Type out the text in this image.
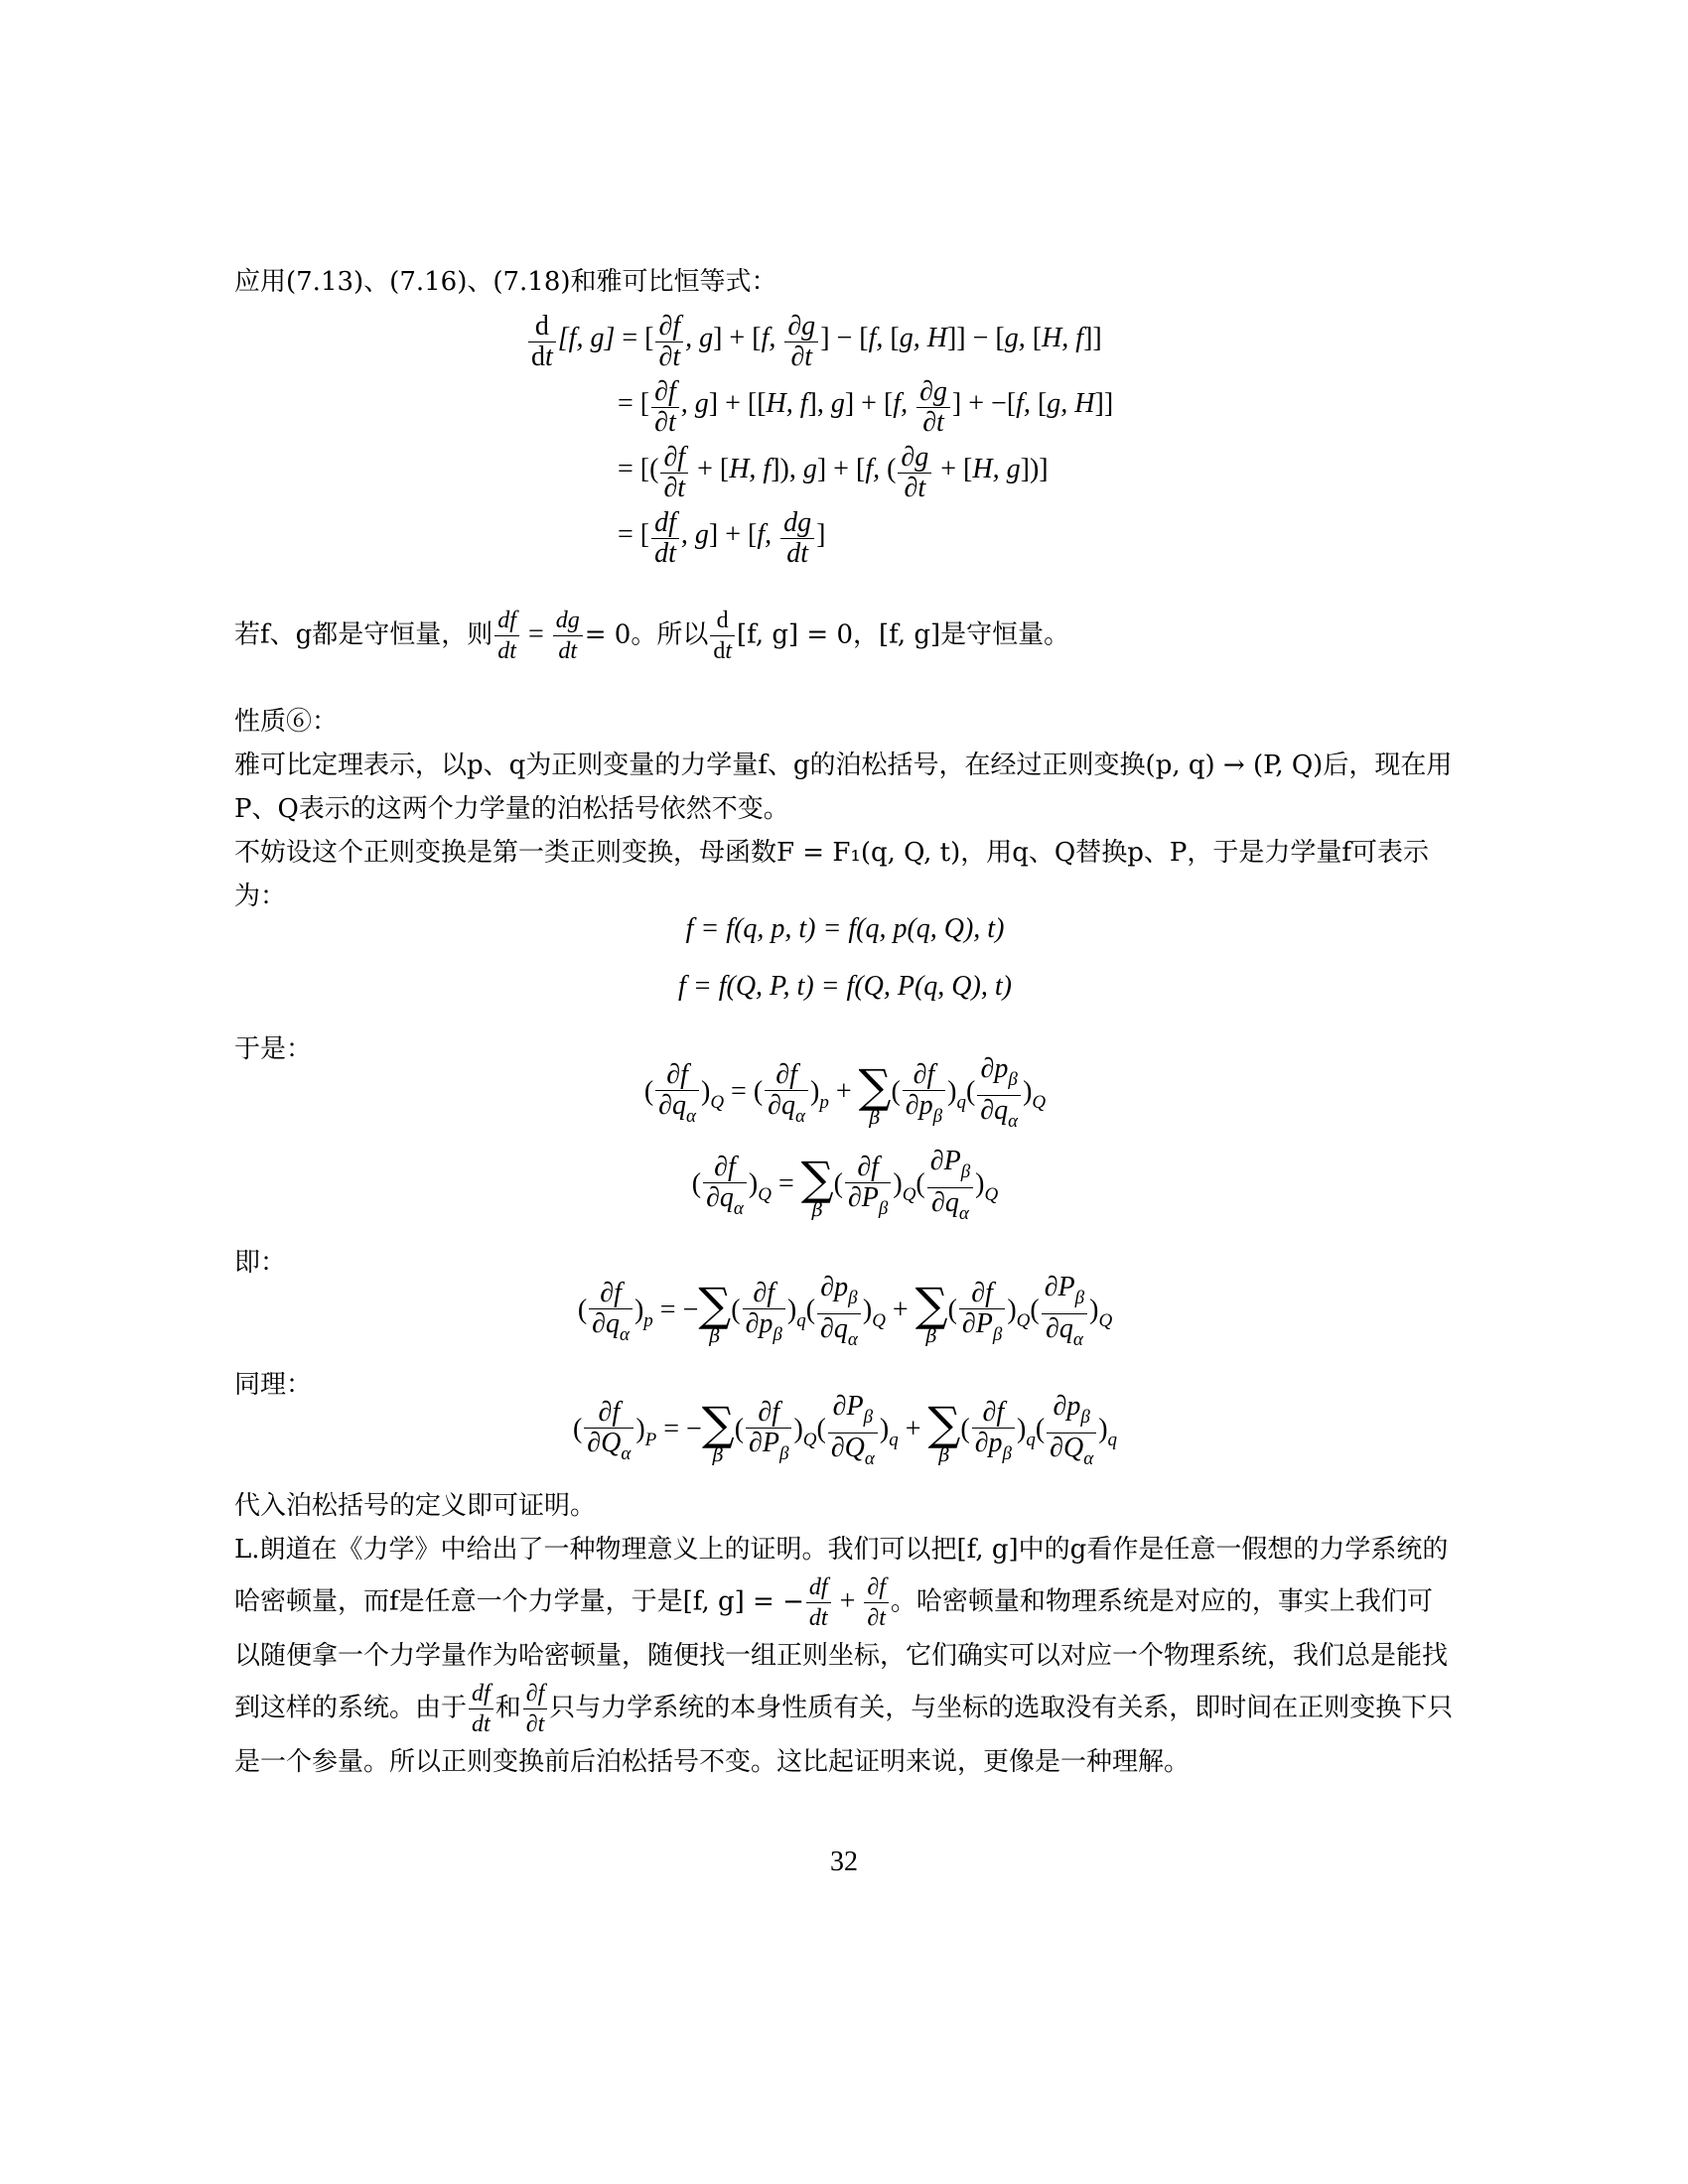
应用(7.13)、(7.16)、(7.18)和雅可比恒等式：
$\frac{d}{dt} [f$, g] = [ $\frac{\partial f}{\partial t}$ , g] + [f, $\frac{\partial g}{\partial t}$ ] − [f, [g, H]] − [g, [H, f]]
= [ $\frac{\partial f}{\partial t}$ , g] + [[H, f], g] + [f, $\frac{\partial g}{\partial t}$ ] + −[f, [g, H]]
= [( $\frac{\partial f}{\partial t} + [H$, f]), g] + [f, ( $\frac{\partial g}{\partial t} + [H$, g])]
= [ $\frac{df}{dt}$ , g] + [f, $\frac{dg}{dt}$ ]
若f、g都是守恒量，则 $\frac{df}{dt} = \frac{dg}{dt} = 0$。所以 $\frac{d}{dt} [f$, g] = 0，[f, g]是守恒量。
性质⑥：
雅可比定理表示，以p、q为正则变量的力学量f、g的泊松括号，在经过正则变换(p, q) → (P, Q)后，现在用P、Q表示的这两个力学量的泊松括号依然不变。
不妨设这个正则变换是第一类正则变换，母函数F = F₁(q, Q, t)，用q、Q替换p、P，于是力学量f可表示为：
f = f(q, p, t) = f(q, p(q, Q), t)
f = f(Q, P, t) = f(Q, P(q, Q), t)
于是：
( $\frac{\partial f}{\partial q_\alpha} )Q$ = ( $\frac{\partial f}{\partial q_\alpha} )p$ + ∑
β
( $\frac{\partial f}{\partial p_\beta} )q( \frac{\partial p_\beta}{\partial q_\alpha} )Q$
( $\frac{\partial f}{\partial q_\alpha} )Q$ = ∑
β
( $\frac{\partial f}{\partial P_\beta} )Q( \frac{\partial P_\beta}{\partial q_\alpha} )Q$
即：
( $\frac{\partial f}{\partial q_\alpha} )p$ = − ∑
β
( $\frac{\partial f}{\partial p_\beta} )q( \frac{\partial p_\beta}{\partial q_\alpha} )Q$ + ∑
β
( $\frac{\partial f}{\partial P_\beta} )Q( \frac{\partial P_\beta}{\partial q_\alpha} )Q$
同理：
( $\frac{\partial f}{\partial Q_\alpha} )P$ = − ∑
β
( $\frac{\partial f}{\partial P_\beta} )Q( \frac{\partial P_\beta}{\partial Q_\alpha} )q$ + ∑
β
( $\frac{\partial f}{\partial p_\beta} )q( \frac{\partial p_\beta}{\partial Q_\alpha} )q$
代入泊松括号的定义即可证明。
L.朗道在《力学》中给出了一种物理意义上的证明。我们可以把[f, g]中的g看作是任意一假想的力学系统的哈密顿量，而f是任意一个力学量，于是[f, g] = − $\frac{df}{dt} + \frac{\partial f}{\partial t}$ 。哈密顿量和物理系统是对应的，事实上我们可以随便拿一个力学量作为哈密顿量，随便找一组正则坐标，它们确实可以对应一个物理系统，我们总是能找到这样的系统。由于 $\frac{df}{dt}$ 和 $\frac{\partial f}{\partial t}$ 只与力学系统的本身性质有关，与坐标的选取没有关系，即时间在正则变换下只是一个参量。所以正则变换前后泊松括号不变。这比起证明来说，更像是一种理解。
32
